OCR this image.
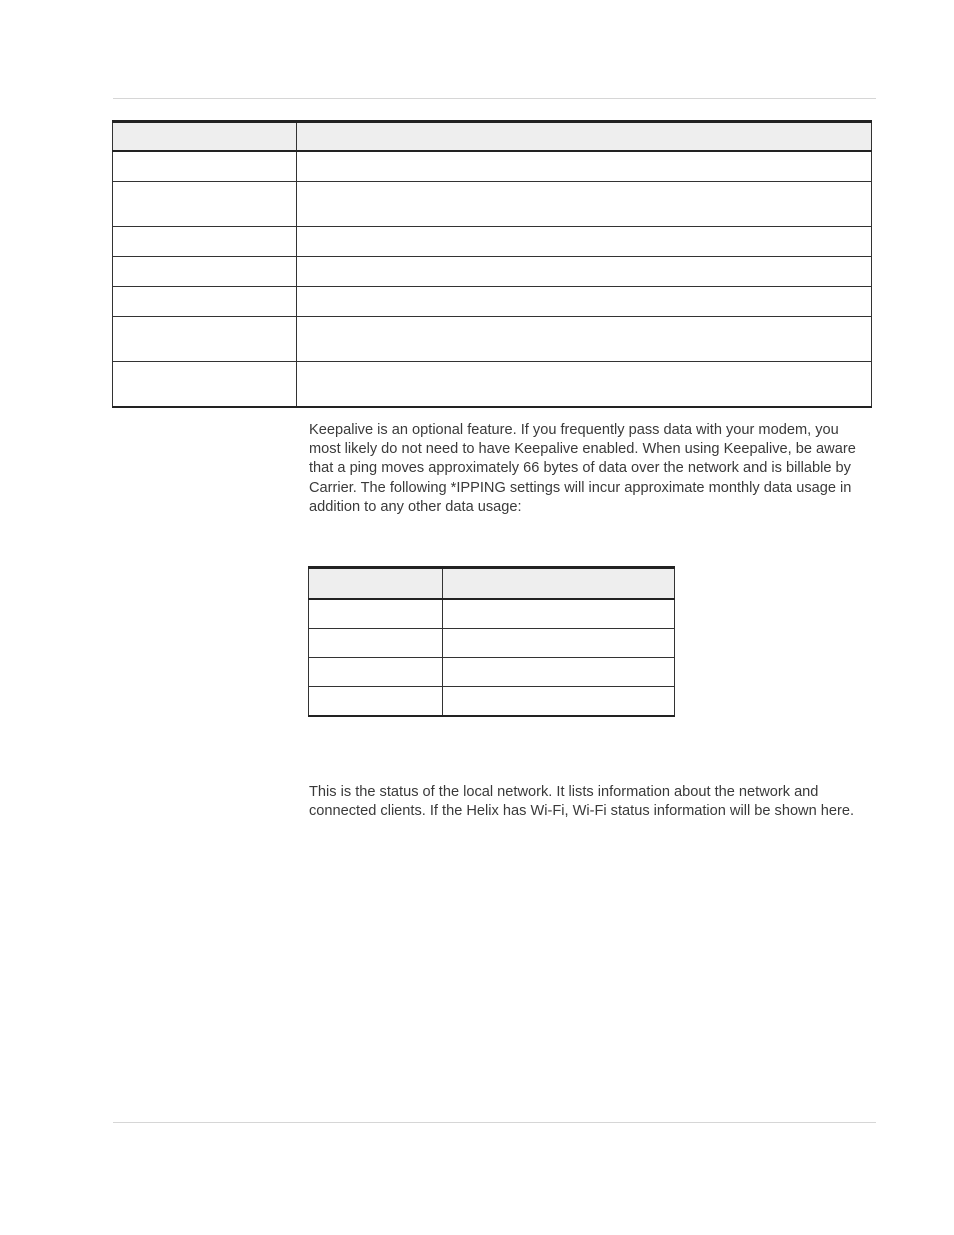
Keepalive is an optional feature. If you frequently pass data with your modem, you most likely do not need to have Keepalive enabled. When using Keepalive, be aware that a ping moves approximately 66 bytes of data over the network and is billable by Carrier. The following *IPPING settings will incur approximate monthly data usage in addition to any other data usage:

This is the status of the local network. It lists information about the network and connected clients. If the Helix has Wi-Fi, Wi-Fi status information will be shown here.
